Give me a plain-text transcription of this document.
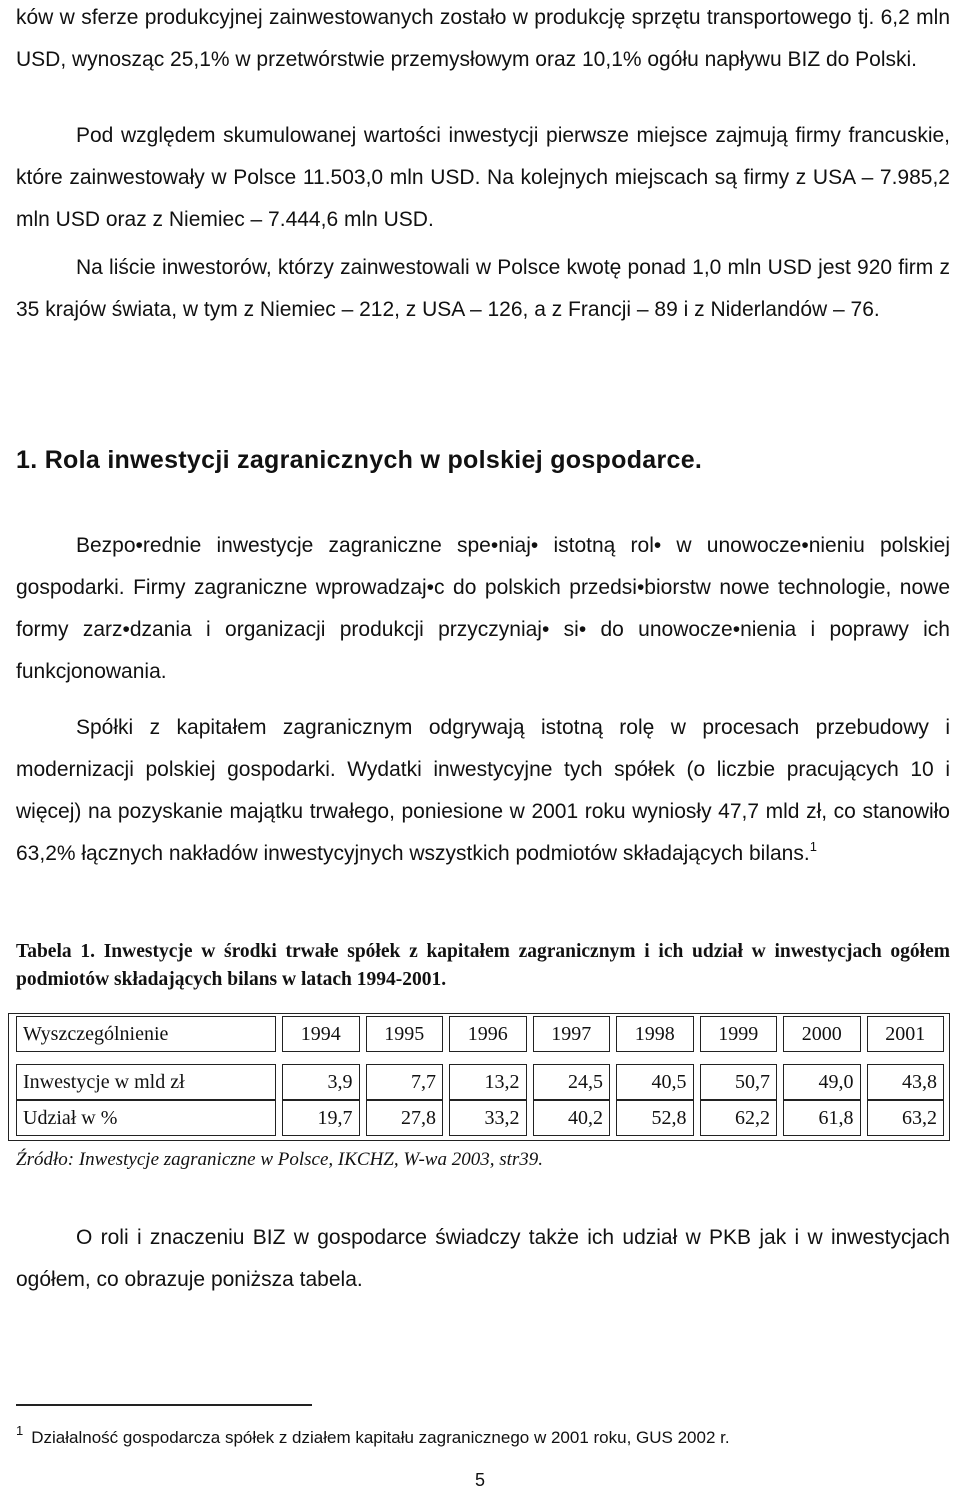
ków w sferze produkcyjnej zainwestowanych zostało w produkcję sprzętu transportowego tj. 6,2 mln USD, wynosząc 25,1% w przetwórstwie przemysłowym oraz 10,1% ogółu napływu BIZ do Polski.

Pod względem skumulowanej wartości inwestycji pierwsze miejsce zajmują firmy francuskie, które zainwestowały w Polsce 11.503,0 mln USD. Na kolejnych miejscach są firmy z USA – 7.985,2 mln USD oraz z Niemiec – 7.444,6 mln USD.

Na liście inwestorów, którzy zainwestowali w Polsce kwotę ponad 1,0 mln USD jest 920 firm z 35 krajów świata, w tym z Niemiec – 212, z USA – 126, a z Francji – 89 i z Niderlandów – 76.

1. Rola inwestycji zagranicznych w polskiej gospodarce.

Bezpo•rednie inwestycje zagraniczne spe•niaj• istotną rol• w unowocze•nieniu polskiej gospodarki. Firmy zagraniczne wprowadzaj•c do polskich przedsi•biorstw nowe technologie, nowe formy zarz•dzania i organizacji produkcji przyczyniaj• si• do unowocze•nienia i poprawy ich funkcjonowania.

Spółki z kapitałem zagranicznym odgrywają istotną rolę w procesach przebudowy i modernizacji polskiej gospodarki. Wydatki inwestycyjne tych spółek (o liczbie pracujących 10 i więcej) na pozyskanie majątku trwałego, poniesione w 2001 roku wyniosły 47,7 mld zł, co stanowiło 63,2% łącznych nakładów inwestycyjnych wszystkich podmiotów składających bilans.$^1$

Tabela 1. Inwestycje w środki trwałe spółek z kapitałem zagranicznym i ich udział w inwestycjach ogółem podmiotów składających bilans w latach 1994-2001.

Wyszczególnienie	1994	1995	1996	1997	1998	1999	2000	2001

Inwestycje w mld zł	3,9	7,7	13,2	24,5	40,5	50,7	49,0	43,8
Udział w %	19,7	27,8	33,2	40,2	52,8	62,2	61,8	63,2

Źródło: Inwestycje zagraniczne w Polsce, IKCHZ, W-wa 2003, str39.

O roli i znaczeniu BIZ w gospodarce świadczy także ich udział w PKB jak i w inwestycjach ogółem, co obrazuje poniższa tabela.

$^1$ Działalność gospodarcza spółek z działem kapitału zagranicznego w 2001 roku, GUS 2002 r.

5
